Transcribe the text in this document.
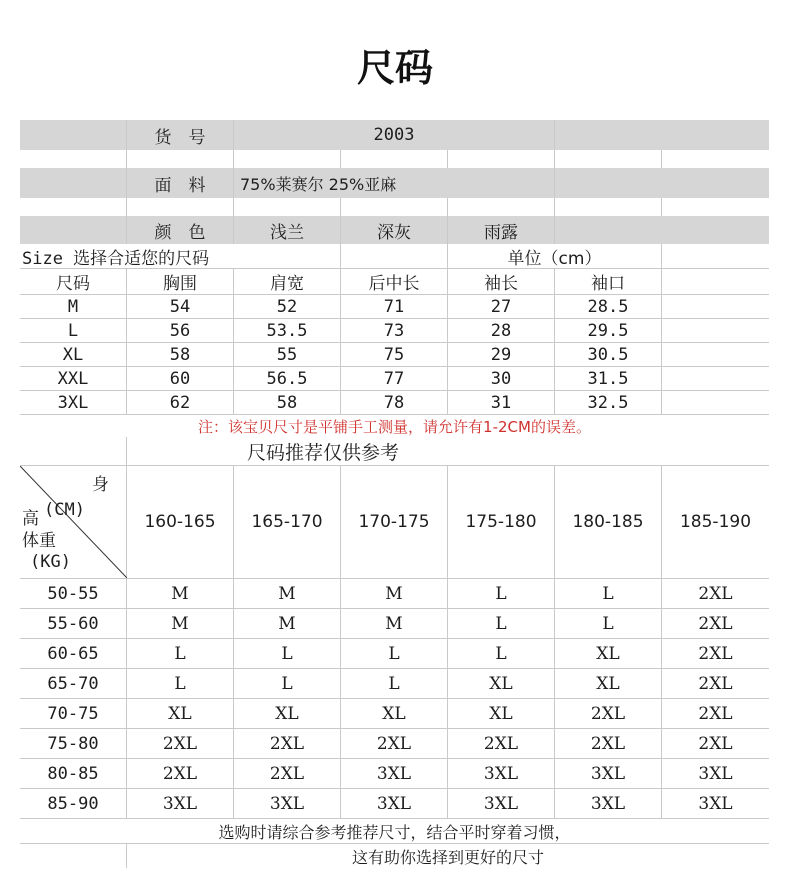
尺码
货　号	2003
面　料	75%莱赛尔 25%亚麻
颜　色	浅兰	深灰	雨露
Size 选择合适您的尺码	单位（cm）
尺码	胸围	肩宽	后中长	袖长	袖口
M	54	52	71	27	28.5
L	56	53.5	73	28	29.5
XL	58	55	75	29	30.5
XXL	60	56.5	77	30	31.5
3XL	62	58	78	31	32.5
注：该宝贝尺寸是平铺手工测量，请允许有1-2CM的误差。
尺码推荐仅供参考
身
高 (CM)
体重
(KG)
160-165	165-170	170-175	175-180	180-185	185-190
50-55	M	M	M	L	L	2XL
55-60	M	M	M	L	L	2XL
60-65	L	L	L	L	XL	2XL
65-70	L	L	L	XL	XL	2XL
70-75	XL	XL	XL	XL	2XL	2XL
75-80	2XL	2XL	2XL	2XL	2XL	2XL
80-85	2XL	2XL	3XL	3XL	3XL	3XL
85-90	3XL	3XL	3XL	3XL	3XL	3XL
选购时请综合参考推荐尺寸，结合平时穿着习惯，
这有助你选择到更好的尺寸
